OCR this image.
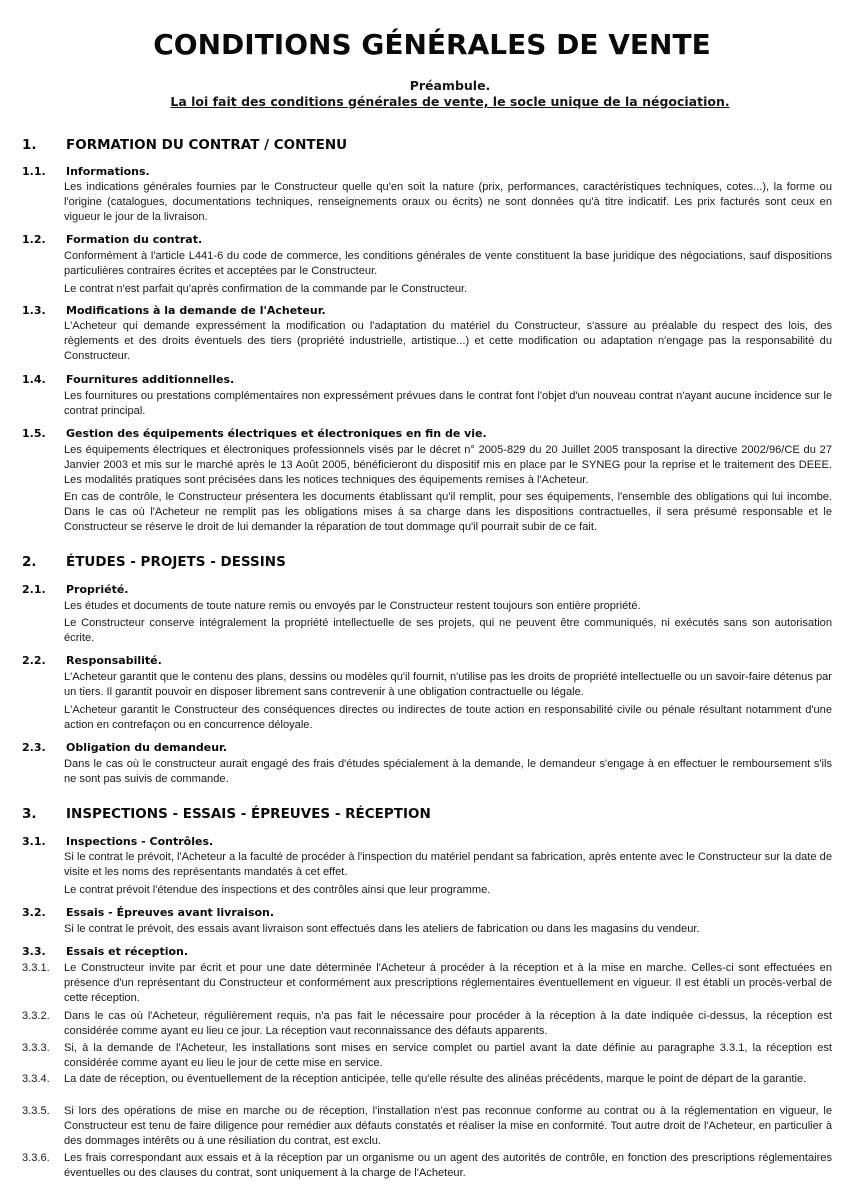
CONDITIONS GÉNÉRALES DE VENTE
Préambule.
La loi fait des conditions générales de vente, le socle unique de la négociation.
1. FORMATION DU CONTRAT / CONTENU
1.1. Informations.
Les indications générales fournies par le Constructeur quelle qu'en soit la nature (prix, performances, caractéristiques techniques, cotes...), la forme ou l'origine (catalogues, documentations techniques, renseignements oraux ou écrits) ne sont données qu'à titre indicatif. Les prix facturés sont ceux en vigueur le jour de la livraison.
1.2. Formation du contrat.
Conformément à l'article L441-6 du code de commerce, les conditions générales de vente constituent la base juridique des négociations, sauf dispositions particulières contraires écrites et acceptées par le Constructeur.
Le contrat n'est parfait qu'après confirmation de la commande par le Constructeur.
1.3. Modifications à la demande de l'Acheteur.
L'Acheteur qui demande expressément la modification ou l'adaptation du matériel du Constructeur, s'assure au préalable du respect des lois, des règlements et des droits éventuels des tiers (propriété industrielle, artistique...) et cette modification ou adaptation n'engage pas la responsabilité du Constructeur.
1.4. Fournitures additionnelles.
Les fournitures ou prestations complémentaires non expressément prévues dans le contrat font l'objet d'un nouveau contrat n'ayant aucune incidence sur le contrat principal.
1.5. Gestion des équipements électriques et électroniques en fin de vie.
Les équipements électriques et électroniques professionnels visés par le décret n° 2005-829 du 20 Juillet 2005 transposant la directive 2002/96/CE du 27 Janvier 2003 et mis sur le marché après le 13 Août 2005, bénéficieront du dispositif mis en place par le SYNEG pour la reprise et le traitement des DEEE. Les modalités pratiques sont précisées dans les notices techniques des équipements remises à l'Acheteur.
En cas de contrôle, le Constructeur présentera les documents établissant qu'il remplit, pour ses équipements, l'ensemble des obligations qui lui incombe. Dans le cas où l'Acheteur ne remplit pas les obligations mises à sa charge dans les dispositions contractuelles, il sera présumé responsable et le Constructeur se réserve le droit de lui demander la réparation de tout dommage qu'il pourrait subir de ce fait.
2. ÉTUDES - PROJETS - DESSINS
2.1. Propriété.
Les études et documents de toute nature remis ou envoyés par le Constructeur restent toujours son entière propriété.
Le Constructeur conserve intégralement la propriété intellectuelle de ses projets, qui ne peuvent être communiqués, ni exécutés sans son autorisation écrite.
2.2. Responsabilité.
L'Acheteur garantit que le contenu des plans, dessins ou modèles qu'il fournit, n'utilise pas les droits de propriété intellectuelle ou un savoir-faire détenus par un tiers. Il garantit pouvoir en disposer librement sans contrevenir à une obligation contractuelle ou légale.
L'Acheteur garantit le Constructeur des conséquences directes ou indirectes de toute action en responsabilité civile ou pénale résultant notamment d'une action en contrefaçon ou en concurrence déloyale.
2.3. Obligation du demandeur.
Dans le cas où le constructeur aurait engagé des frais d'études spécialement à la demande, le demandeur s'engage à en effectuer le remboursement s'ils ne sont pas suivis de commande.
3. INSPECTIONS - ESSAIS - ÉPREUVES - RÉCEPTION
3.1. Inspections - Contrôles.
Si le contrat le prévoit, l'Acheteur a la faculté de procéder à l'inspection du matériel pendant sa fabrication, après entente avec le Constructeur sur la date de visite et les noms des représentants mandatés à cet effet.
Le contrat prévoit l'étendue des inspections et des contrôles ainsi que leur programme.
3.2. Essais - Épreuves avant livraison.
Si le contrat le prévoit, des essais avant livraison sont effectués dans les ateliers de fabrication ou dans les magasins du vendeur.
3.3. Essais et réception.
3.3.1. Le Constructeur invite par écrit et pour une date déterminée l'Acheteur à procéder à la réception et à la mise en marche. Celles-ci sont effectuées en présence d'un représentant du Constructeur et conformément aux prescriptions réglementaires éventuellement en vigueur. Il est établi un procès-verbal de cette réception.
3.3.2. Dans le cas où l'Acheteur, régulièrement requis, n'a pas fait le nécessaire pour procéder à la réception à la date indiquée ci-dessus, la réception est considérée comme ayant eu lieu ce jour. La réception vaut reconnaissance des défauts apparents.
3.3.3. Si, à la demande de l'Acheteur, les installations sont mises en service complet ou partiel avant la date définie au paragraphe 3.3.1, la réception est considérée comme ayant eu lieu le jour de cette mise en service.
3.3.4. La date de réception, ou éventuellement de la réception anticipée, telle qu'elle résulte des alinéas précédents, marque le point de départ de la garantie.
3.3.5. Si lors des opérations de mise en marche ou de réception, l'installation n'est pas reconnue conforme au contrat ou à la réglementation en vigueur, le Constructeur est tenu de faire diligence pour remédier aux défauts constatés et réaliser la mise en conformité. Tout autre droit de l'Acheteur, en particulier à des dommages intérêts ou à une résiliation du contrat, est exclu.
3.3.6. Les frais correspondant aux essais et à la réception par un organisme ou un agent des autorités de contrôle, en fonction des prescriptions réglementaires éventuelles ou des clauses du contrat, sont uniquement à la charge de l'Acheteur.
